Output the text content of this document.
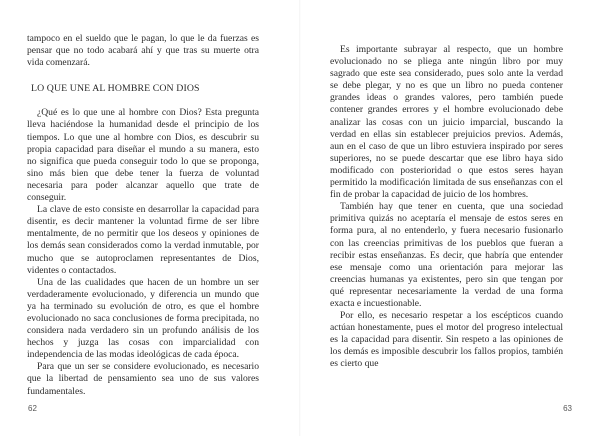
tampoco en el sueldo que le pagan, lo que le da fuerzas es pensar que no todo acabará ahí y que tras su muerte otra vida comenzará.

LO QUE UNE AL HOMBRE CON DIOS

¿Qué es lo que une al hombre con Dios? Esta pregunta lleva haciéndose la humanidad desde el principio de los tiempos. Lo que une al hombre con Dios, es descubrir su propia capacidad para diseñar el mundo a su manera, esto no significa que pueda conseguir todo lo que se proponga, sino más bien que debe tener la fuerza de voluntad necesaria para poder alcanzar aquello que trate de conseguir.

La clave de esto consiste en desarrollar la capacidad para disentir, es decir mantener la voluntad firme de ser libre mentalmente, de no permitir que los deseos y opiniones de los demás sean considerados como la verdad inmutable, por mucho que se autoproclamen representantes de Dios, videntes o contactados.

Una de las cualidades que hacen de un hombre un ser verdaderamente evolucionado, y diferencia un mundo que ya ha terminado su evolución de otro, es que el hombre evolucionado no saca conclusiones de forma precipitada, no considera nada verdadero sin un profundo análisis de los hechos y juzga las cosas con imparcialidad con independencia de las modas ideológicas de cada época.

Para que un ser se considere evolucionado, es necesario que la libertad de pensamiento sea uno de sus valores fundamentales.

62

Es importante subrayar al respecto, que un hombre evolucionado no se pliega ante ningún libro por muy sagrado que este sea considerado, pues solo ante la verdad se debe plegar, y no es que un libro no pueda contener grandes ideas o grandes valores, pero también puede contener grandes errores y el hombre evolucionado debe analizar las cosas con un juicio imparcial, buscando la verdad en ellas sin establecer prejuicios previos. Además, aun en el caso de que un libro estuviera inspirado por seres superiores, no se puede descartar que ese libro haya sido modificado con posterioridad o que estos seres hayan permitido la modificación limitada de sus enseñanzas con el fin de probar la capacidad de juicio de los hombres.

También hay que tener en cuenta, que una sociedad primitiva quizás no aceptaría el mensaje de estos seres en forma pura, al no entenderlo, y fuera necesario fusionarlo con las creencias primitivas de los pueblos que fueran a recibir estas enseñanzas. Es decir, que habría que entender ese mensaje como una orientación para mejorar las creencias humanas ya existentes, pero sin que tengan por qué representar necesariamente la verdad de una forma exacta e incuestionable.

Por ello, es necesario respetar a los escépticos cuando actúan honestamente, pues el motor del progreso intelectual es la capacidad para disentir. Sin respeto a las opiniones de los demás es imposible descubrir los fallos propios, también es cierto que

63
